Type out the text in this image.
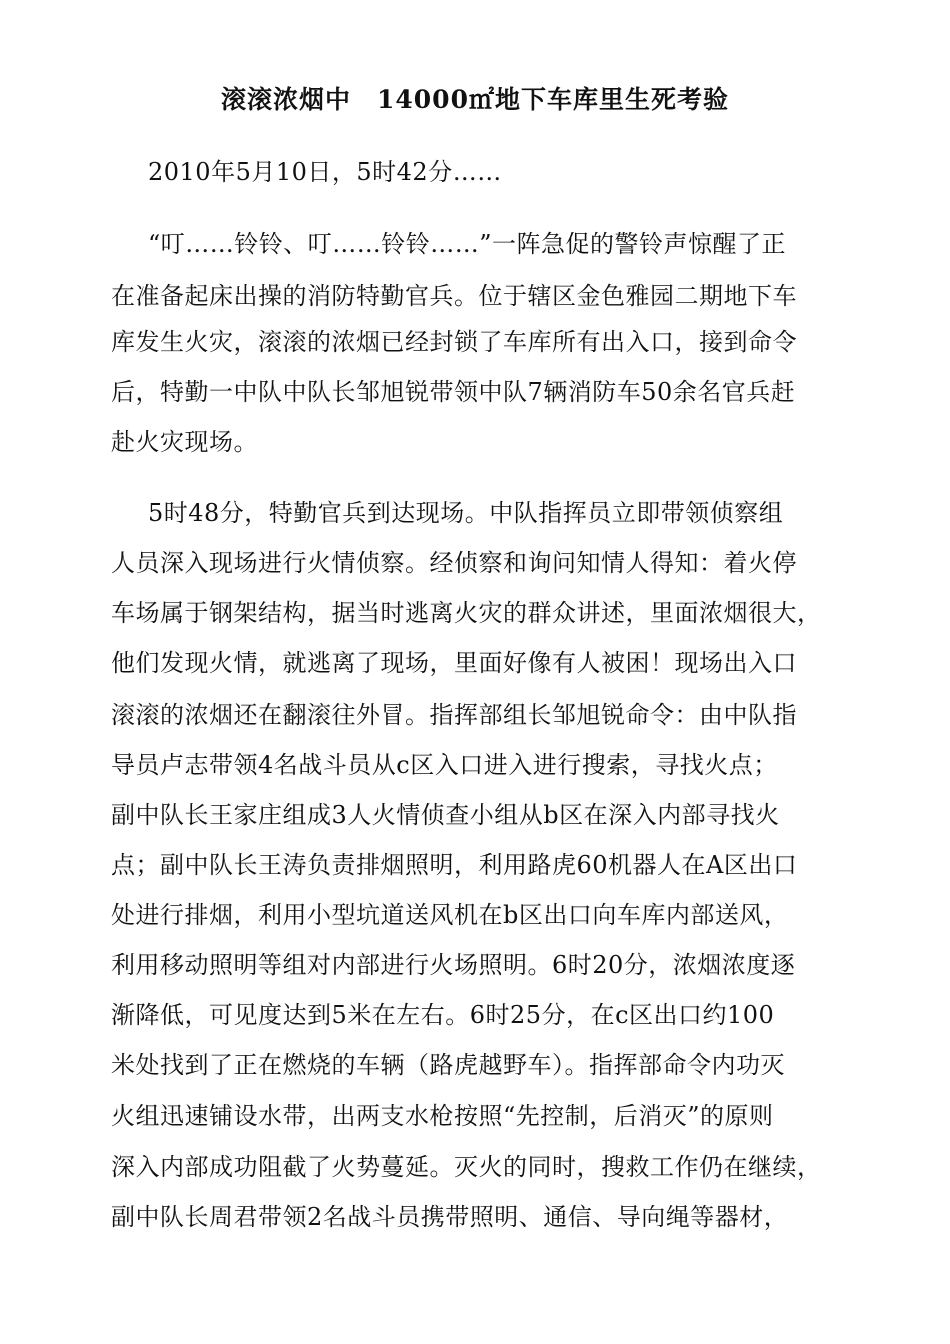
滚滚浓烟中　14000㎡地下车库里生死考验
2010年5月10日，5时42分……
“叮……铃铃、叮……铃铃……”一阵急促的警铃声惊醒了正
在准备起床出操的消防特勤官兵。位于辖区金色雅园二期地下车
库发生火灾，滚滚的浓烟已经封锁了车库所有出入口，接到命令
后，特勤一中队中队长邹旭锐带领中队7辆消防车50余名官兵赶
赴火灾现场。
5时48分，特勤官兵到达现场。中队指挥员立即带领侦察组
人员深入现场进行火情侦察。经侦察和询问知情人得知：着火停
车场属于钢架结构，据当时逃离火灾的群众讲述，里面浓烟很大，
他们发现火情，就逃离了现场，里面好像有人被困！现场出入口
滚滚的浓烟还在翻滚往外冒。指挥部组长邹旭锐命令：由中队指
导员卢志带领4名战斗员从c区入口进入进行搜索，寻找火点；
副中队长王家庄组成3人火情侦查小组从b区在深入内部寻找火
点；副中队长王涛负责排烟照明，利用路虎60机器人在A区出口
处进行排烟，利用小型坑道送风机在b区出口向车库内部送风，
利用移动照明等组对内部进行火场照明。6时20分，浓烟浓度逐
渐降低，可见度达到5米在左右。6时25分，在c区出口约100
米处找到了正在燃烧的车辆（路虎越野车）。指挥部命令内功灭
火组迅速铺设水带，出两支水枪按照“先控制，后消灭”的原则
深入内部成功阻截了火势蔓延。灭火的同时，搜救工作仍在继续，
副中队长周君带领2名战斗员携带照明、通信、导向绳等器材，
